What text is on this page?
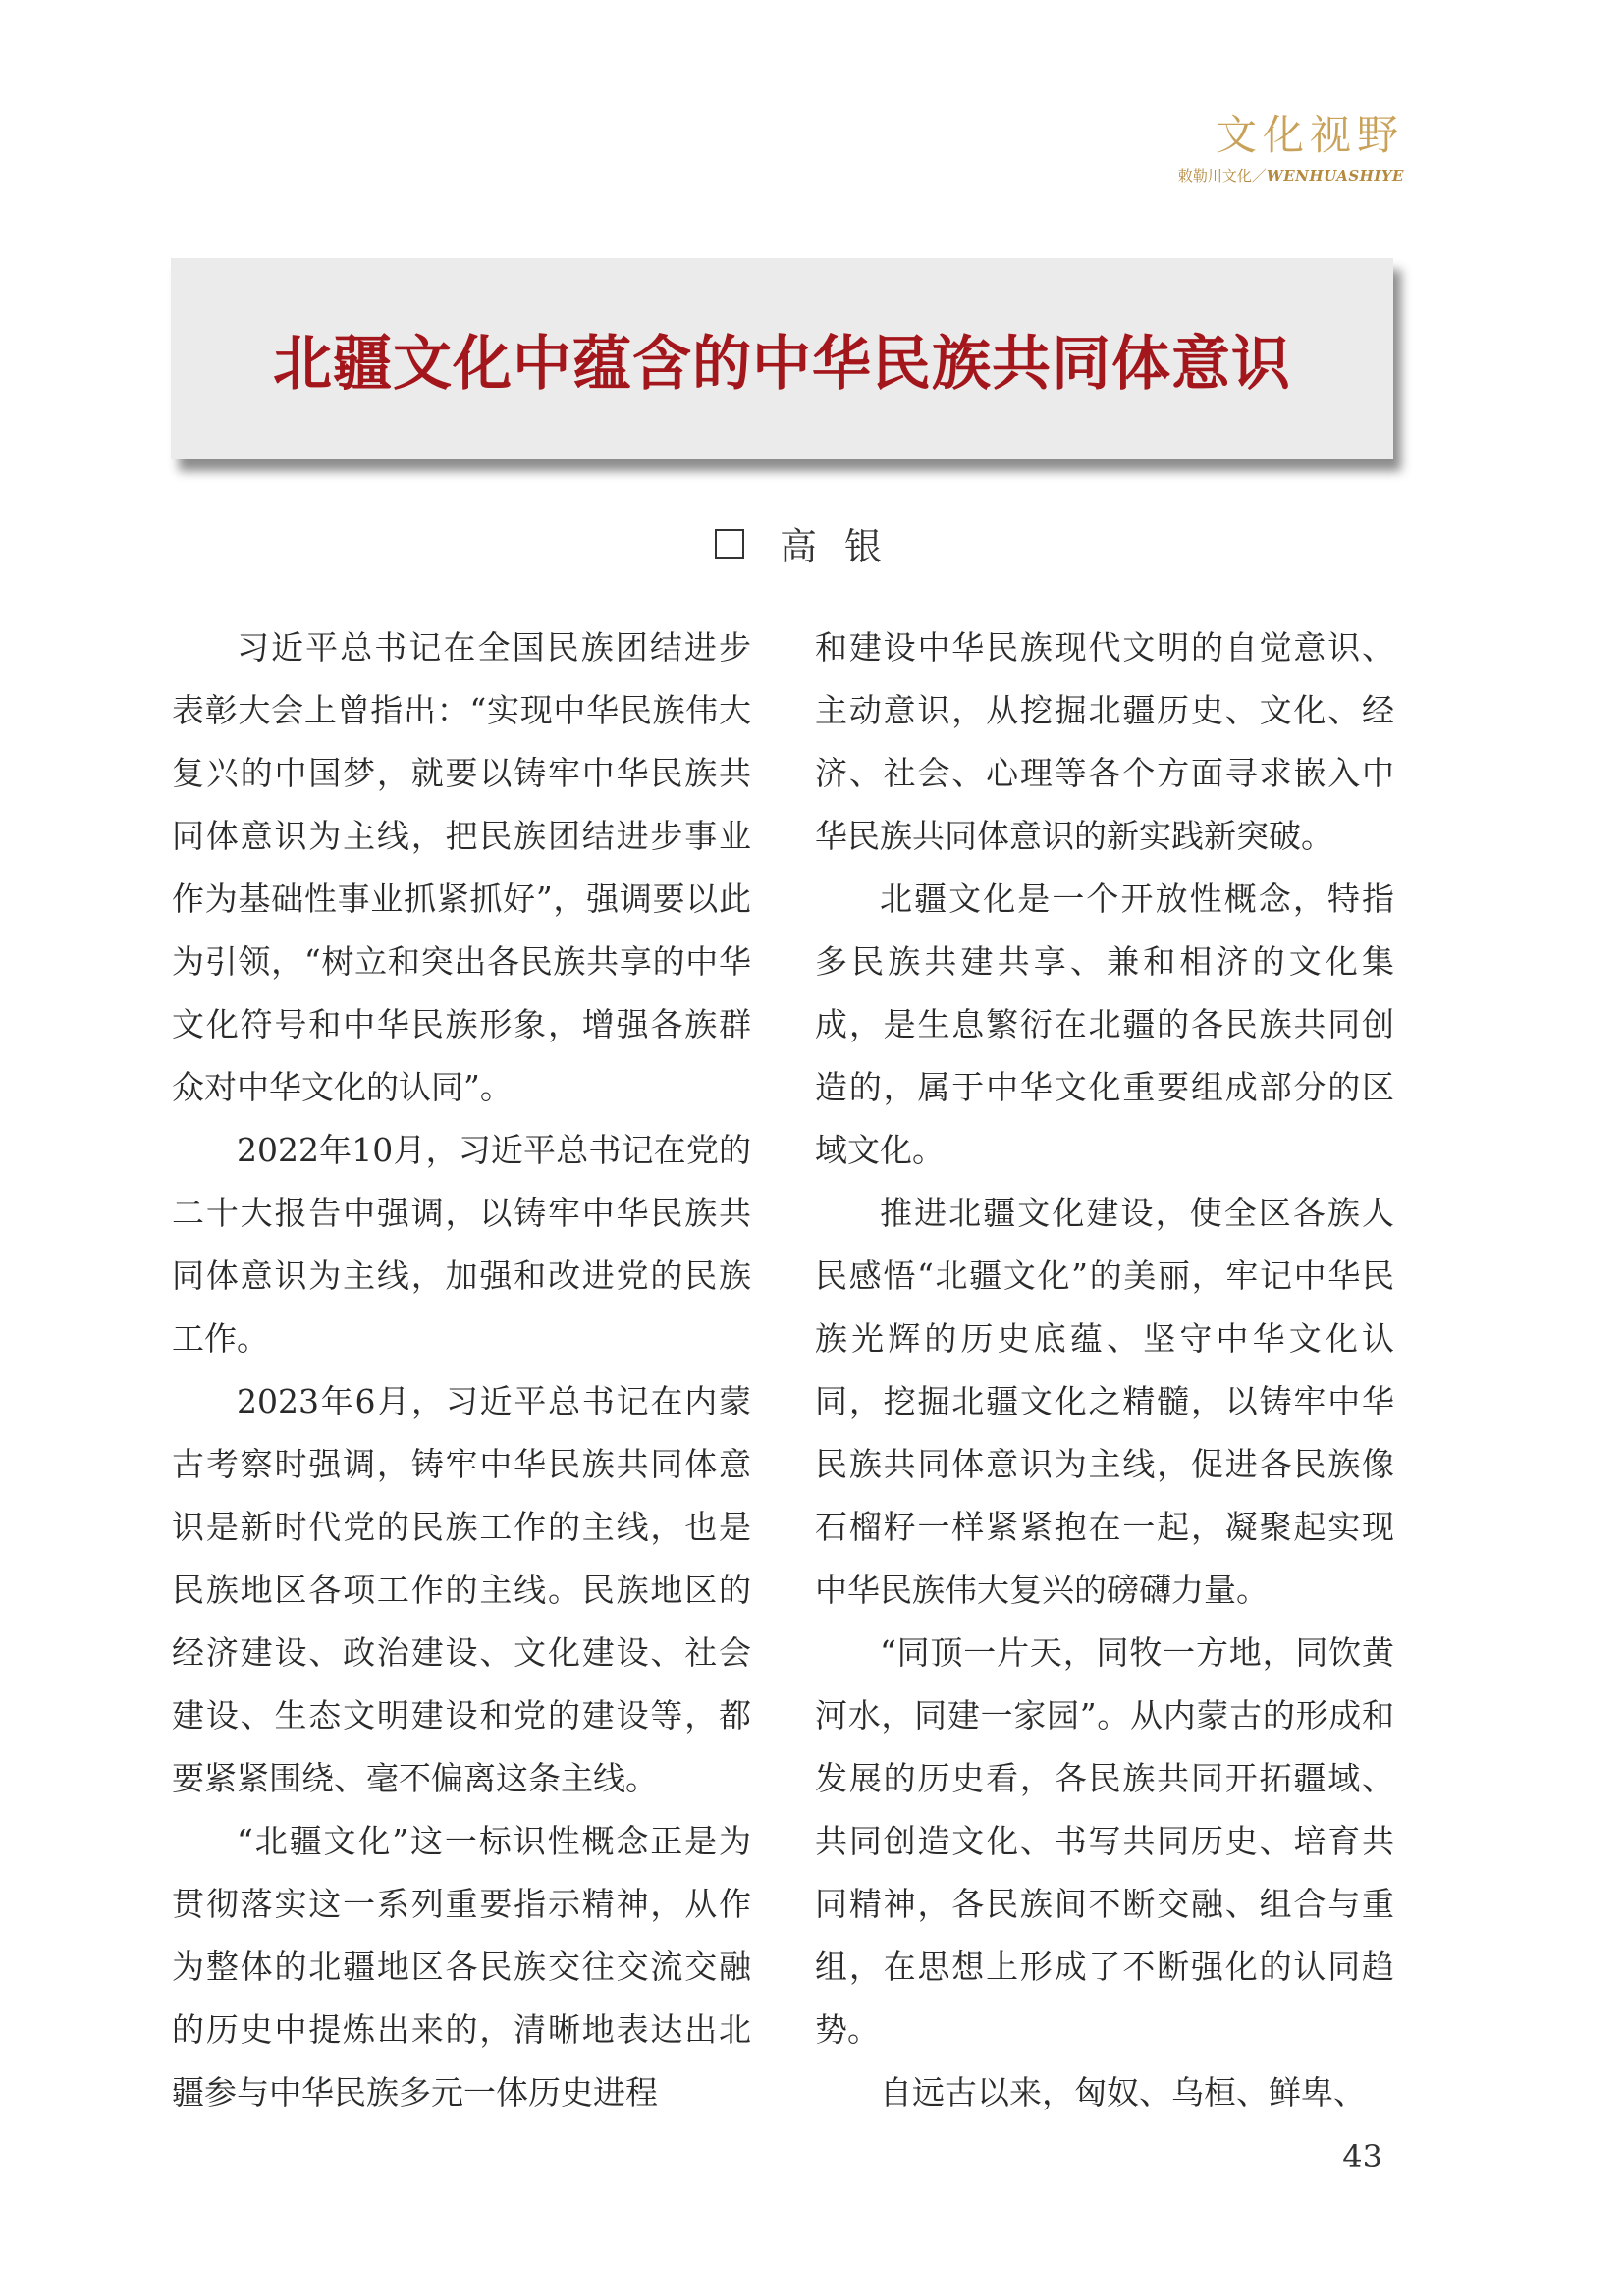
文化视野
敕勒川文化／WENHUASHIYE
北疆文化中蕴含的中华民族共同体意识
高银

习近平总书记在全国民族团结进步表彰大会上曾指出：“实现中华民族伟大复兴的中国梦，就要以铸牢中华民族共同体意识为主线，把民族团结进步事业作为基础性事业抓紧抓好”，强调要以此为引领，“树立和突出各民族共享的中华文化符号和中华民族形象，增强各族群众对中华文化的认同”。

2022年10月，习近平总书记在党的二十大报告中强调，以铸牢中华民族共同体意识为主线，加强和改进党的民族工作。

2023年6月，习近平总书记在内蒙古考察时强调，铸牢中华民族共同体意识是新时代党的民族工作的主线，也是民族地区各项工作的主线。民族地区的经济建设、政治建设、文化建设、社会建设、生态文明建设和党的建设等，都要紧紧围绕、毫不偏离这条主线。

“北疆文化”这一标识性概念正是为贯彻落实这一系列重要指示精神，从作为整体的北疆地区各民族交往交流交融的历史中提炼出来的，清晰地表达出北疆参与中华民族多元一体历史进程

和建设中华民族现代文明的自觉意识、主动意识，从挖掘北疆历史、文化、经济、社会、心理等各个方面寻求嵌入中华民族共同体意识的新实践新突破。

北疆文化是一个开放性概念，特指多民族共建共享、兼和相济的文化集成，是生息繁衍在北疆的各民族共同创造的，属于中华文化重要组成部分的区域文化。

推进北疆文化建设，使全区各族人民感悟“北疆文化”的美丽，牢记中华民族光辉的历史底蕴、坚守中华文化认同，挖掘北疆文化之精髓，以铸牢中华民族共同体意识为主线，促进各民族像石榴籽一样紧紧抱在一起，凝聚起实现中华民族伟大复兴的磅礴力量。

“同顶一片天，同牧一方地，同饮黄河水，同建一家园”。从内蒙古的形成和发展的历史看，各民族共同开拓疆域、共同创造文化、书写共同历史、培育共同精神，各民族间不断交融、组合与重组，在思想上形成了不断强化的认同趋势。

自远古以来，匈奴、乌桓、鲜卑、

43
